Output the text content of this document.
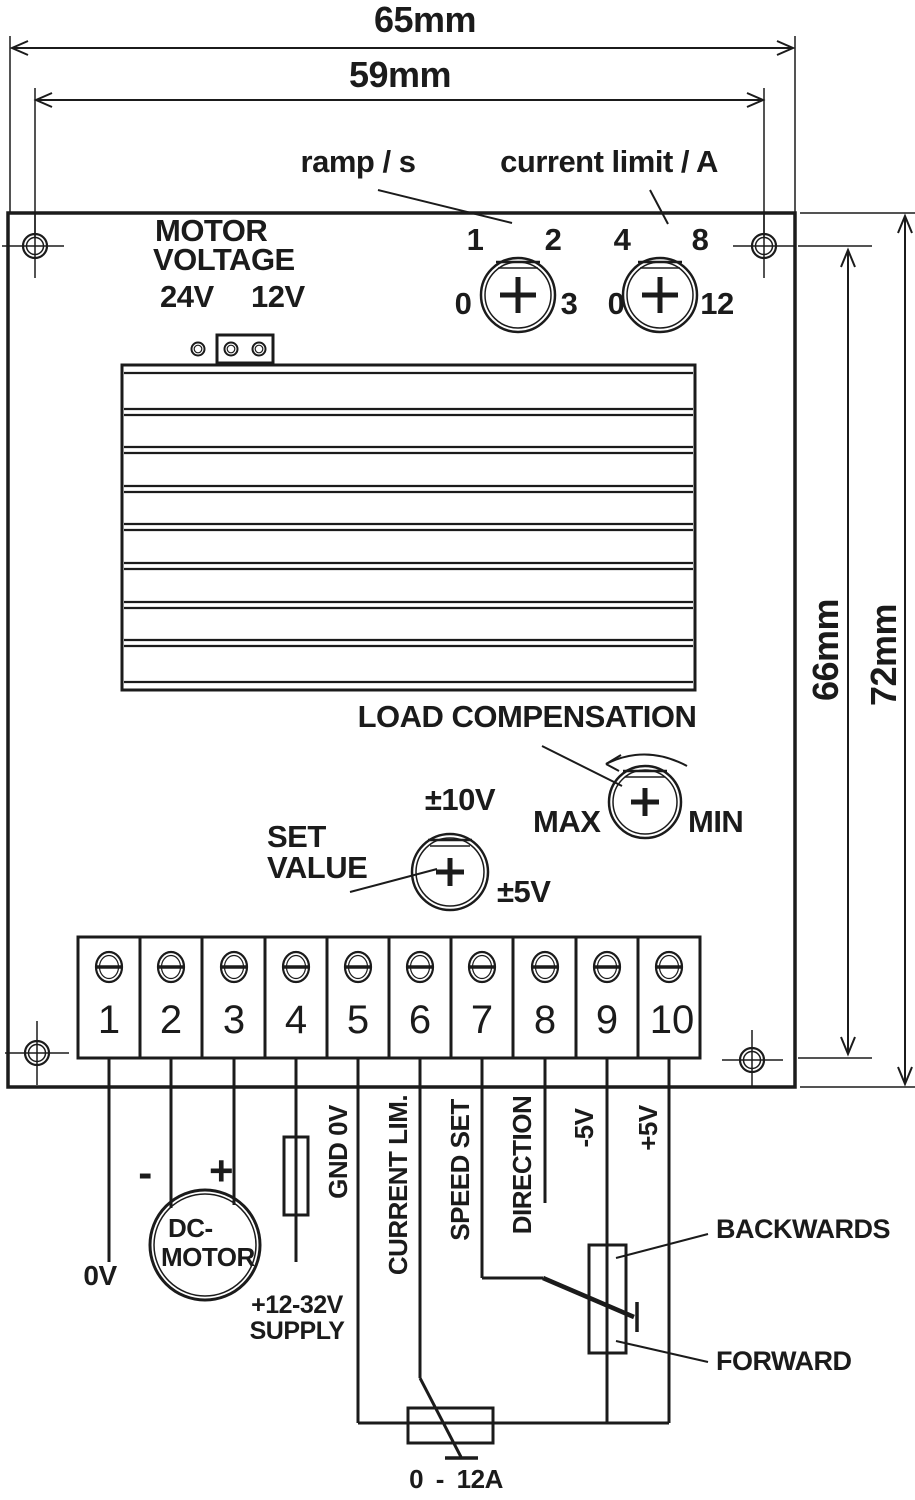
65mm
59mm
66mm 72mm
ramp / s	current limit / A
MOTOR
VOLTAGE
24V 12V
1 2
0	3
4 8
0 12
LOAD COMPENSATION
MAX	MIN
±10V
SET
VALUE
±5V
1 2 3 4 5 6 7 8 9 10
0V
- +
DC-
MOTOR
+12-32V
SUPPLY
GND 0V CURRENT LIM. SPEED SET DIRECTION -5V +5V
BACKWARDS
FORWARD
0 - 12A
